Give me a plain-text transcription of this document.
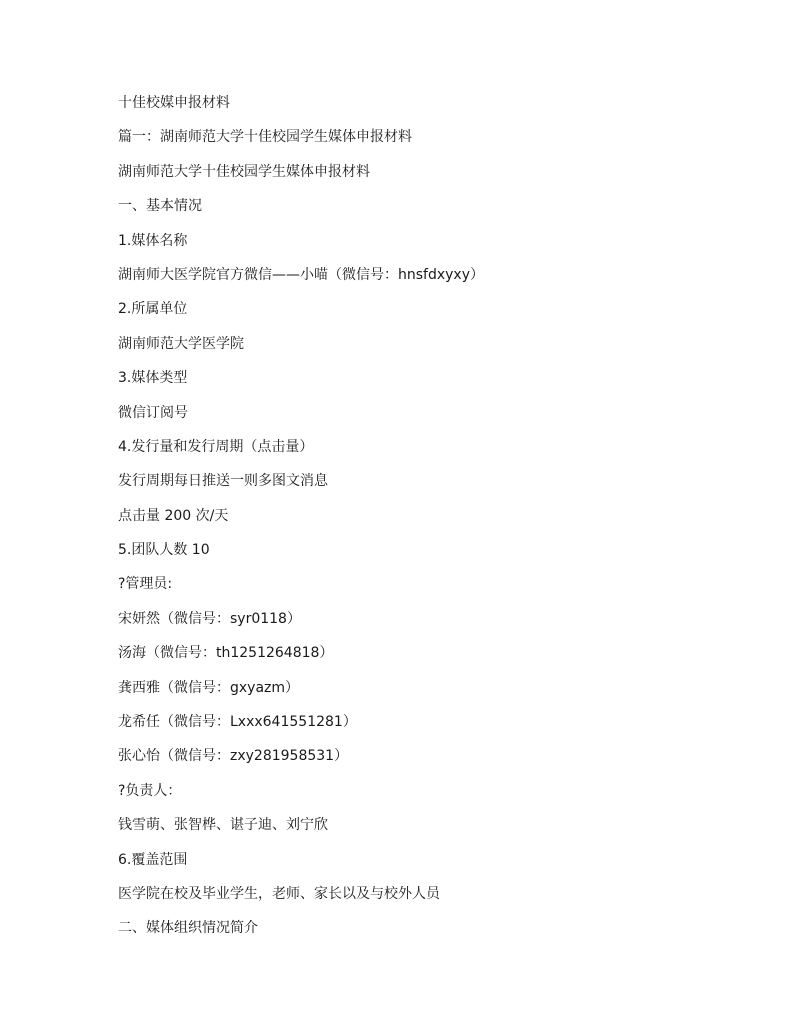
十佳校媒申报材料
篇一：湖南师范大学十佳校园学生媒体申报材料
湖南师范大学十佳校园学生媒体申报材料
一、基本情况
1.媒体名称
湖南师大医学院官方微信——小喵（微信号：hnsfdxyxy）
2.所属单位
湖南师范大学医学院
3.媒体类型
微信订阅号
4.发行量和发行周期（点击量）
发行周期每日推送一则多图文消息
点击量 200 次/天
5.团队人数 10
?管理员:
宋妍然（微信号：syr0118）
汤海（微信号：th1251264818）
龚西雅（微信号：gxyazm）
龙希任（微信号：Lxxx641551281）
张心怡（微信号：zxy281958531）
?负责人：
钱雪萌、张智桦、谌子迪、刘宁欣
6.覆盖范围
医学院在校及毕业学生，老师、家长以及与校外人员
二、媒体组织情况简介
